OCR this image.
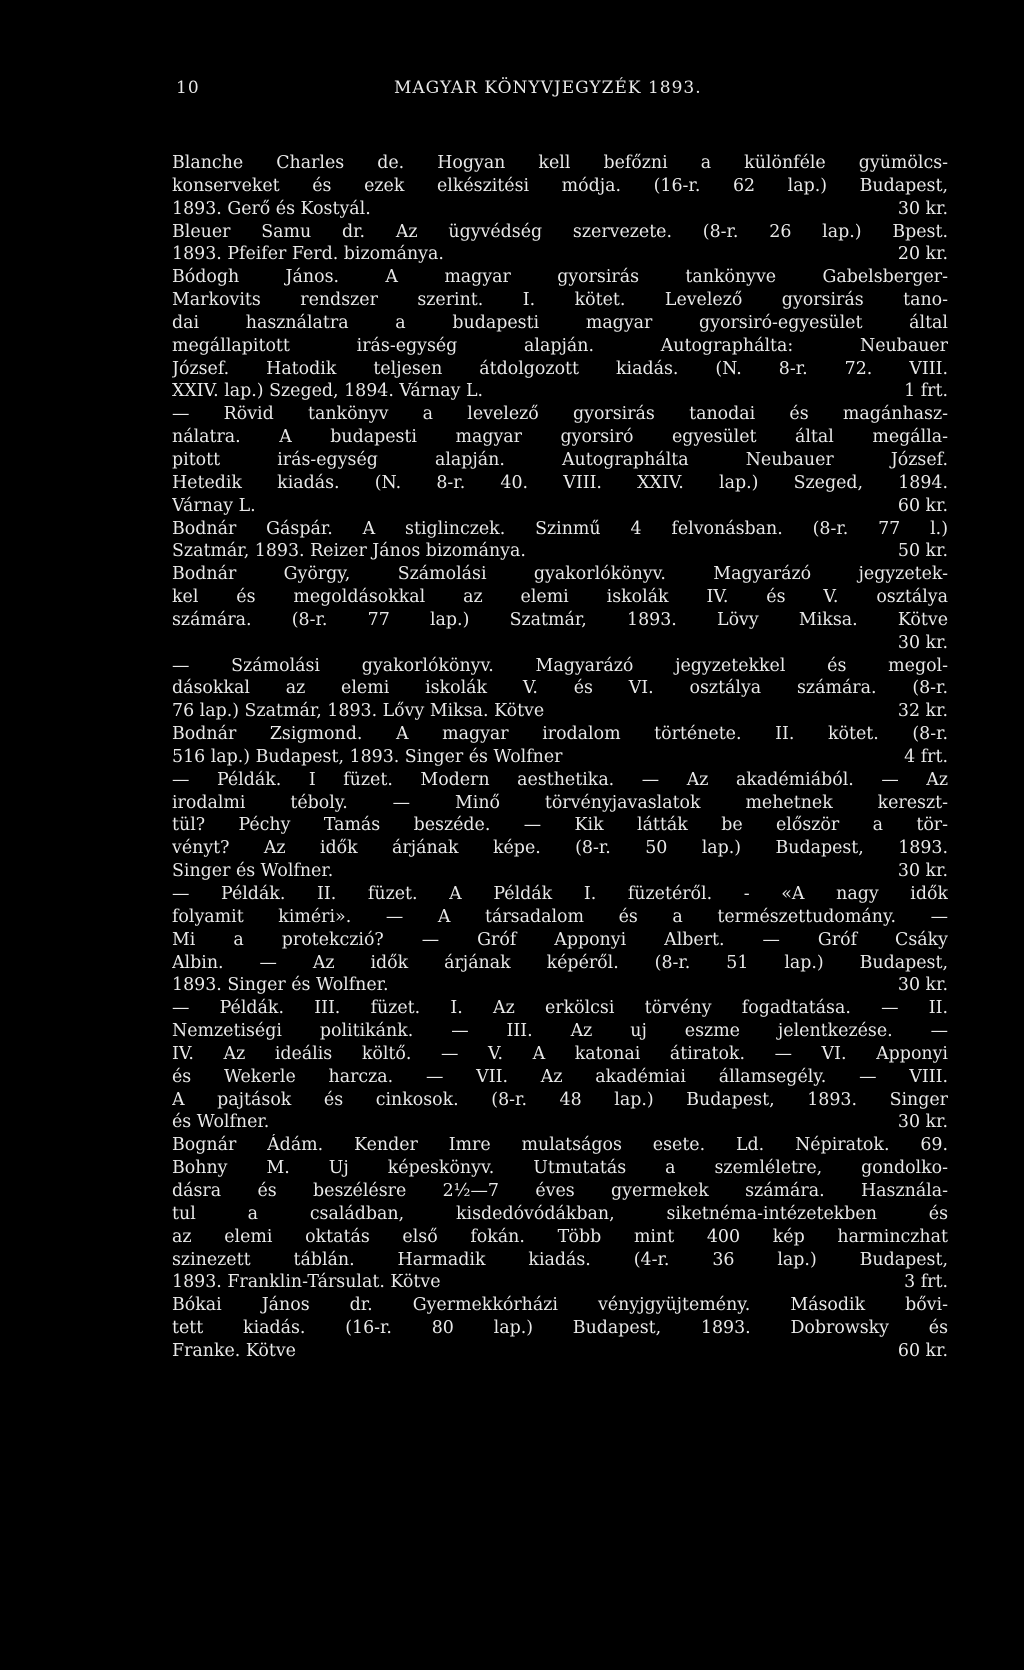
10	MAGYAR KÖNYVJEGYZÉK 1893.
Blanche Charles de. Hogyan kell befőzni a különféle gyümölcs-
konserveket és ezek elkészitési módja. (16-r. 62 lap.) Budapest,
1893. Gerő és Kostyál.	30 kr.
Bleuer Samu dr. Az ügyvédség szervezete. (8-r. 26 lap.) Bpest.
1893. Pfeifer Ferd. bizománya.	20 kr.
Bódogh János. A magyar gyorsirás tankönyve Gabelsberger-
Markovits rendszer szerint. I. kötet. Levelező gyorsirás tano-
dai használatra a budapesti magyar gyorsiró-egyesület által
megállapitott irás-egység alapján. Autographálta: Neubauer
József. Hatodik teljesen átdolgozott kiadás. (N. 8-r. 72. VIII.
XXIV. lap.) Szeged, 1894. Várnay L.	1 frt.
— Rövid tankönyv a levelező gyorsirás tanodai és magánhasz-
nálatra. A budapesti magyar gyorsiró egyesület által megálla-
pitott irás-egység alapján. Autographálta Neubauer József.
Hetedik kiadás. (N. 8-r. 40. VIII. XXIV. lap.) Szeged, 1894.
Várnay L.	60 kr.
Bodnár Gáspár. A stiglinczek. Szinmű 4 felvonásban. (8-r. 77 l.)
Szatmár, 1893. Reizer János bizománya.	50 kr.
Bodnár György, Számolási gyakorlókönyv. Magyarázó jegyzetek-
kel és megoldásokkal az elemi iskolák IV. és V. osztálya
számára. (8-r. 77 lap.) Szatmár, 1893. Lövy Miksa. Kötve
30 kr.
— Számolási gyakorlókönyv. Magyarázó jegyzetekkel és megol-
dásokkal az elemi iskolák V. és VI. osztálya számára. (8-r.
76 lap.) Szatmár, 1893. Lővy Miksa. Kötve	32 kr.
Bodnár Zsigmond. A magyar irodalom története. II. kötet. (8-r.
516 lap.) Budapest, 1893. Singer és Wolfner	4 frt.
— Példák. I füzet. Modern aesthetika. — Az akadémiából. — Az
irodalmi téboly. — Minő törvényjavaslatok mehetnek kereszt-
tül? Péchy Tamás beszéde. — Kik látták be először a tör-
vényt? Az idők árjának képe. (8-r. 50 lap.) Budapest, 1893.
Singer és Wolfner.	30 kr.
— Példák. II. füzet. A Példák I. füzetéről. - «A nagy idők
folyamit kiméri». — A társadalom és a természettudomány. —
Mi a protekczió? — Gróf Apponyi Albert. — Gróf Csáky
Albin. — Az idők árjának képéről. (8-r. 51 lap.) Budapest,
1893. Singer és Wolfner.	30 kr.
— Példák. III. füzet. I. Az erkölcsi törvény fogadtatása. — II.
Nemzetiségi politikánk. — III. Az uj eszme jelentkezése. —
IV. Az ideális költő. — V. A katonai átiratok. — VI. Apponyi
és Wekerle harcza. — VII. Az akadémiai államsegély. — VIII.
A pajtások és cinkosok. (8-r. 48 lap.) Budapest, 1893. Singer
és Wolfner.	30 kr.
Bognár Ádám. Kender Imre mulatságos esete. Ld. Népiratok. 69.
Bohny M. Uj képeskönyv. Utmutatás a szemléletre, gondolko-
dásra és beszélésre 2½—7 éves gyermekek számára. Használa-
tul a családban, kisdedóvódákban, siketnéma-intézetekben és
az elemi oktatás első fokán. Több mint 400 kép harminczhat
szinezett táblán. Harmadik kiadás. (4-r. 36 lap.) Budapest,
1893. Franklin-Társulat. Kötve	3 frt.
Bókai János dr. Gyermekkórházi vényjgyüjtemény. Második bővi-
tett kiadás. (16-r. 80 lap.) Budapest, 1893. Dobrowsky és
Franke. Kötve	60 kr.
